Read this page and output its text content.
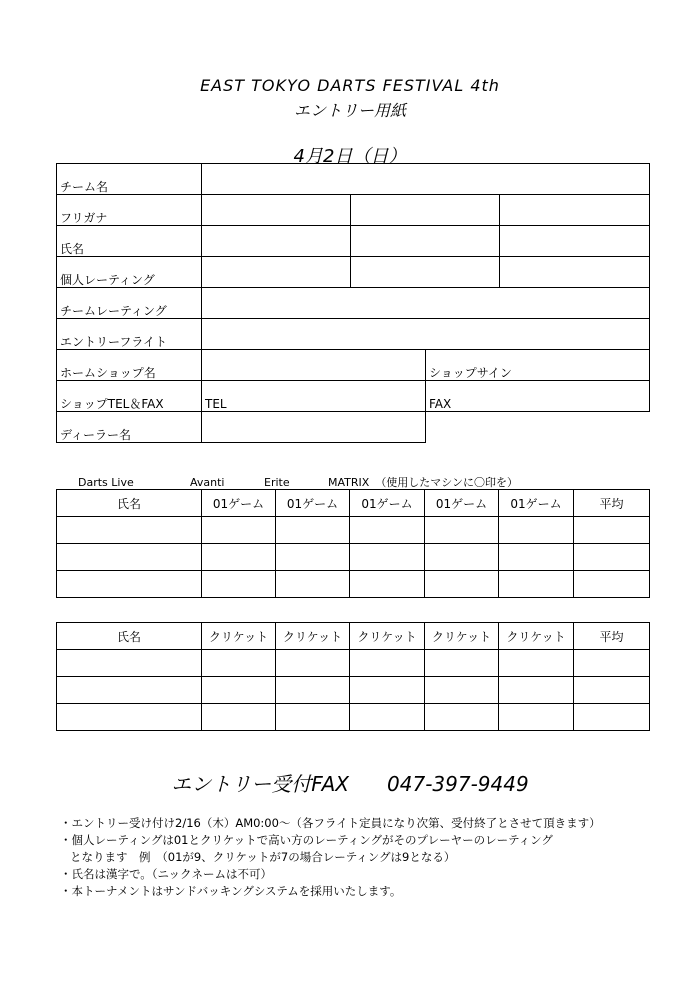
EAST TOKYO DARTS FESTIVAL 4th
エントリー用紙
4月2日（日）
チーム名				
フリガナ				
氏名				
個人レーティング				
チームレーティング				
エントリーフライト				
ホームショップ名			ショップサイン	
ショップTEL＆FAX	TEL		FAX	
ディーラー名				
Darts Live	Avanti	Erite	MATRIX （使用したマシンに〇印を）
氏名	01ゲーム	01ゲーム	01ゲーム	01ゲーム	01ゲーム	平均

氏名	クリケット	クリケット	クリケット	クリケット	クリケット	平均

エントリー受付FAX 047-397-9449
・エントリー受け付け2/16（木）AM0:00～（各フライト定員になり次第、受付終了とさせて頂きます）
・個人レーティングは01とクリケットで高い方のレーティングがそのプレーヤーのレーティング
となります　例　（01が9、クリケットが7の場合レーティングは9となる）
・氏名は漢字で。（ニックネームは不可）
・本トーナメントはサンドバッキングシステムを採用いたします。
